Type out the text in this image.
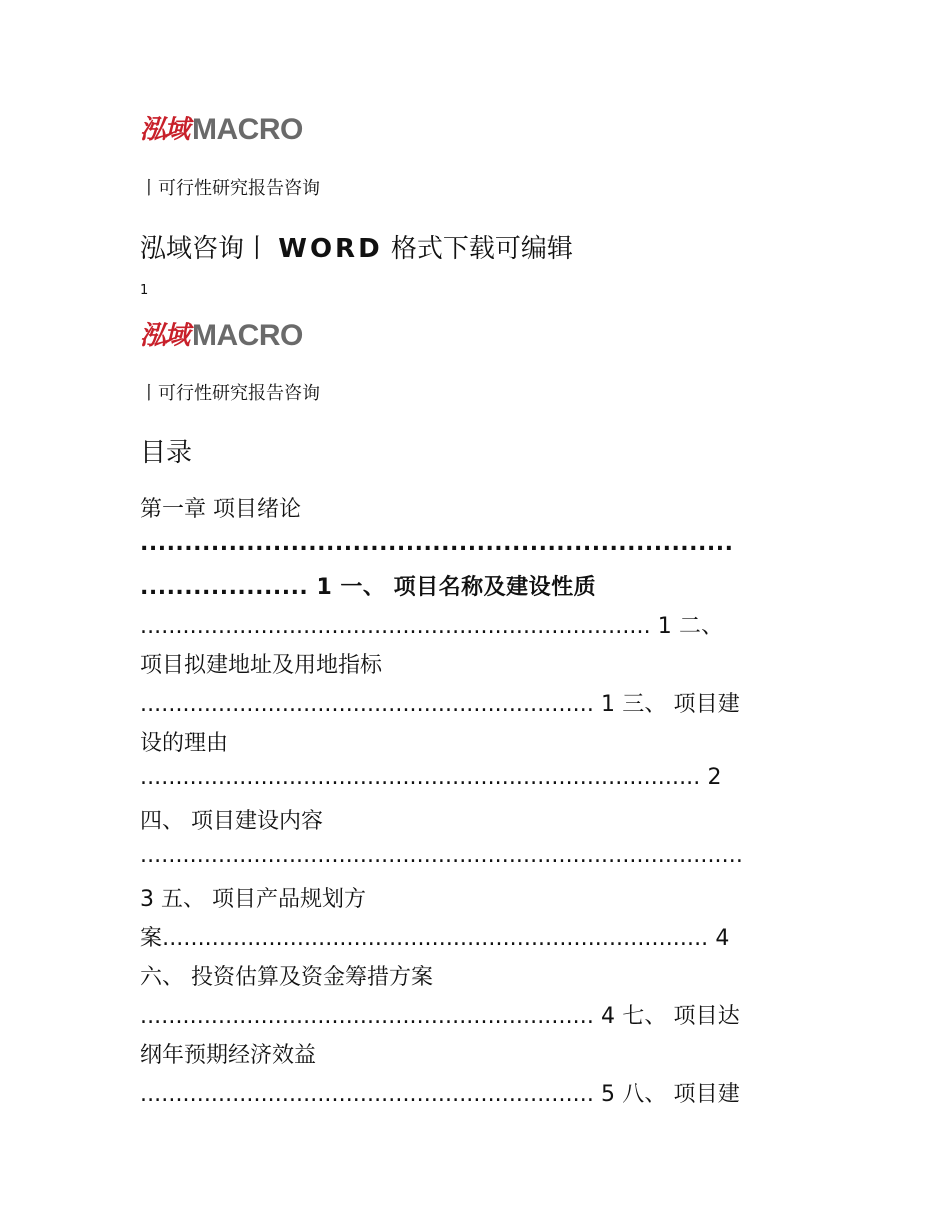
泓域 MACRO
丨可行性研究报告咨询
泓域咨询丨 WORD 格式下载可编辑
1
泓域 MACRO
丨可行性研究报告咨询
目录
第一章 项目绪论
...................................................................
................... 1 一、 项目名称及建设性质
........................................................................ 1 二、
项目拟建地址及用地指标
................................................................ 1 三、 项目建
设的理由
............................................................................... 2
四、 项目建设内容
.....................................................................................
3 五、 项目产品规划方
案............................................................................. 4
六、 投资估算及资金筹措方案
................................................................ 4 七、 项目达
纲年预期经济效益
................................................................ 5 八、 项目建
